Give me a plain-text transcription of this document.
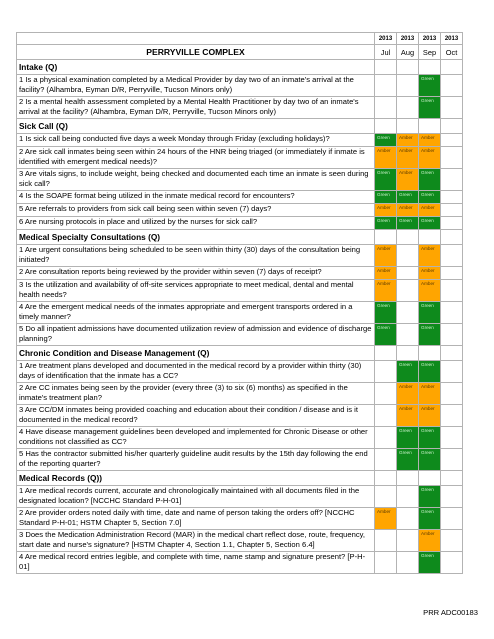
	2013	2013	2013	2013
PERRYVILLE COMPLEX	Jul	Aug	Sep	Oct
Intake (Q)				
1 Is a physical examination completed by a Medical Provider by day two of an inmate's arrival at the facility? (Alhambra, Eyman D/R, Perryville, Tucson Minors only)			Green	
2 Is a mental health assessment completed by a Mental Health Practitioner by day two of an inmate's arrival at the facility? (Alhambra, Eyman D/R, Perryville, Tucson Minors only)			Green	
Sick Call (Q)				
1 Is sick call being conducted five days a week Monday through Friday (excluding holidays)?	Green	Amber	Amber	
2 Are sick call inmates being seen within 24 hours of the HNR being triaged (or immediately if inmate is identified with emergent medical needs)?	Amber	Amber	Amber	
3 Are vitals signs, to include weight, being checked and documented each time an inmate is seen during sick call?	Green	Amber	Green	
4 Is the SOAPE format being utilized in the inmate medical record for encounters?	Green	Green	Green	
5 Are referrals to providers from sick call being seen within seven (7) days?	Amber	Amber	Amber	
6 Are nursing protocols in place and utilized by the nurses for sick call?	Green	Green	Green	
Medical Specialty Consultations (Q)				
1 Are urgent consultations being scheduled to be seen within thirty (30) days of the consultation being initiated?	Amber		Amber	
2 Are consultation reports being reviewed by the provider within seven (7) days of receipt?	Amber		Amber	
3 Is the utilization and availability of off-site services appropriate to meet medical, dental and mental health needs?	Amber		Amber	
4 Are the emergent medical needs of the inmates appropriate and emergent transports ordered in a timely manner?	Green		Green	
5 Do all inpatient admissions have documented utilization review of admission and evidence of discharge planning?	Green		Green	
Chronic Condition and Disease Management (Q)				
1 Are treatment plans developed and documented in the medical record by a provider within thirty (30) days of identification that the inmate has a CC?		Green	Green	
2 Are CC inmates being seen by the provider (every three (3) to six (6) months) as specified in the inmate's treatment plan?		Amber	Amber	
3 Are CC/DM inmates being provided coaching and education about their condition / disease and is it documented in the medical record?		Amber	Amber	
4 Have disease management guidelines been developed and implemented for Chronic Disease or other conditions not classified as CC?		Green	Green	
5 Has the contractor submitted his/her quarterly guideline audit results by the 15th day following the end of the reporting quarter?		Green	Green	
Medical Records (Q))				
1 Are medical records current, accurate and chronologically maintained with all documents filed in the designated location? [NCCHC Standard P-H-01]			Green	
2 Are provider orders noted daily with time, date and name of person taking the orders off? [NCCHC Standard P-H-01; HSTM Chapter 5, Section 7.0]	Amber		Green	
3 Does the Medication Administration Record (MAR) in the medical chart reflect dose, route, frequency, start date and nurse's signature? [HSTM Chapter 4, Section 1.1, Chapter 5, Section 6.4]			Amber	
4 Are medical record entries legible, and complete with time, name stamp and signature present? [P-H-01]			Green	
PRR ADC00183
